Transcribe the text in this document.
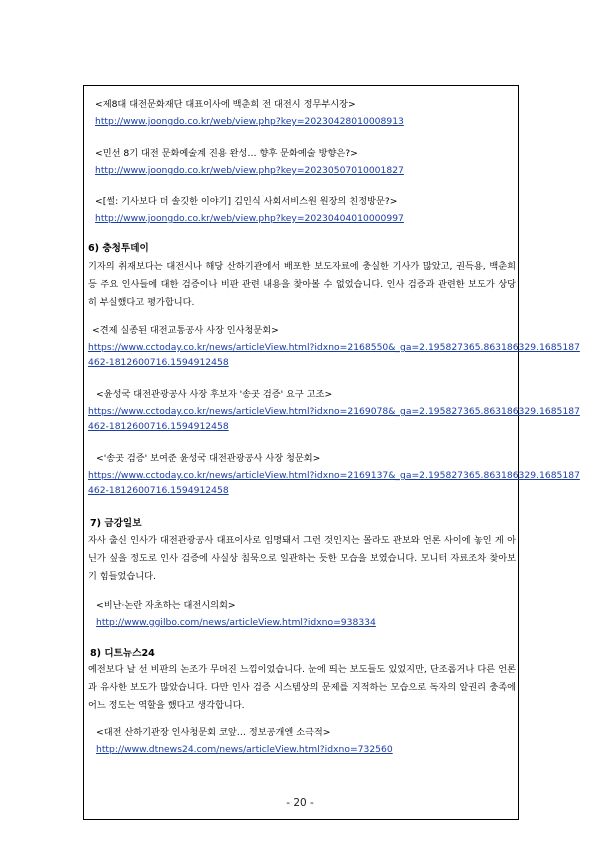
<제8대 대전문화재단 대표이사에 백춘희 전 대전시 정무부시장>
http://www.joongdo.co.kr/web/view.php?key=20230428010008913
<민선 8기 대전 문화예술계 진용 완성… 향후 문화예술 방향은?>
http://www.joongdo.co.kr/web/view.php?key=20230507010001827
<[썰: 기사보다 더 솔깃한 이야기] 김인식 사회서비스원 원장의 친정방문?>
http://www.joongdo.co.kr/web/view.php?key=20230404010000997
6) 충청투데이
기자의 취재보다는 대전시나 해당 산하기관에서 배포한 보도자료에 충실한 기사가 많았고, 권득용, 백춘희 등 주요 인사들에 대한 검증이나 비판 관련 내용을 찾아볼 수 없었습니다. 인사 검증과 관련한 보도가 상당히 부실했다고 평가합니다.
<견제 실종된 대전교통공사 사장 인사청문회>
https://www.cctoday.co.kr/news/articleView.html?idxno=2168550&_ga=2.195827365.863186329.1685187
462-1812600716.1594912458
<윤성국 대전관광공사 사장 후보자 '송곳 검증' 요구 고조>
https://www.cctoday.co.kr/news/articleView.html?idxno=2169078&_ga=2.195827365.863186329.1685187
462-1812600716.1594912458
<'송곳 검증' 보여준 윤성국 대전관광공사 사장 청문회>
https://www.cctoday.co.kr/news/articleView.html?idxno=2169137&_ga=2.195827365.863186329.1685187
462-1812600716.1594912458
7) 금강일보
자사 출신 인사가 대전관광공사 대표이사로 임명돼서 그런 것인지는 몰라도 관보와 언론 사이에 놓인 게 아닌가 싶을 정도로 인사 검증에 사실상 침묵으로 일관하는 듯한 모습을 보였습니다. 모니터 자료조차 찾아보기 힘들었습니다.
<비난·논란 자초하는 대전시의회>
http://www.ggilbo.com/news/articleView.html?idxno=938334
8) 디트뉴스24
예전보다 날 선 비판의 논조가 무뎌진 느낌이었습니다. 눈에 띄는 보도들도 있었지만, 단조롭거나 다른 언론과 유사한 보도가 많았습니다. 다만 인사 검증 시스템상의 문제를 지적하는 모습으로 독자의 알권리 충족에 어느 정도는 역할을 했다고 생각합니다.
<대전 산하기관장 인사청문회 코앞… 정보공개엔 소극적>
http://www.dtnews24.com/news/articleView.html?idxno=732560
- 20 -
